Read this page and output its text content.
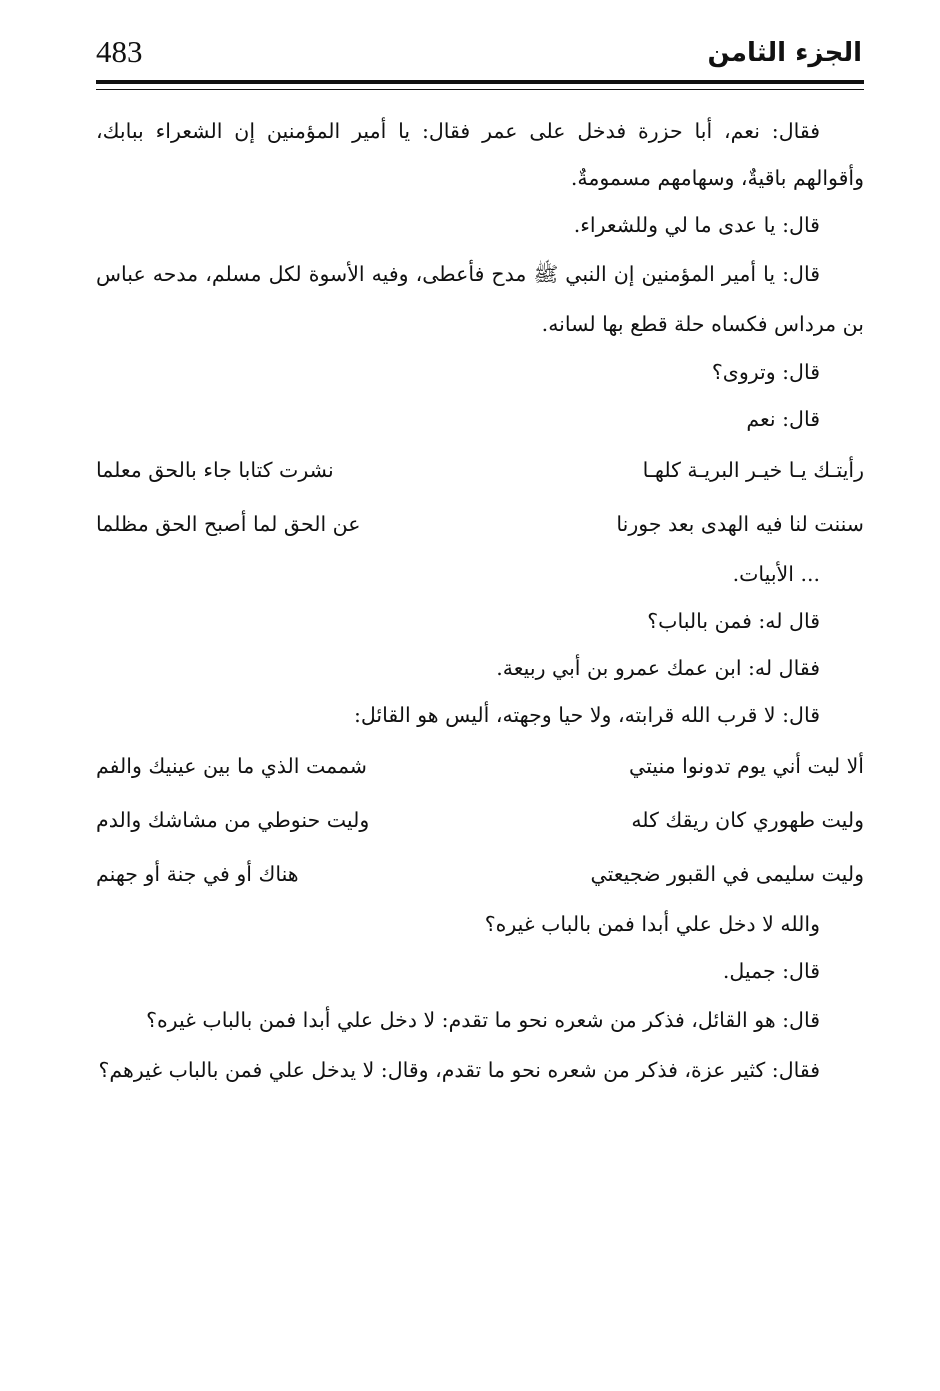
483	الجزء الثامن

فقال: نعم، أبا حزرة فدخل على عمر فقال: يا أمير المؤمنين إن الشعراء ببابك، وأقوالهم باقيةٌ، وسهامهم مسمومةٌ.

قال: يا عدى ما لي وللشعراء.

قال: يا أمير المؤمنين إن النبي ﷺ مدح فأعطى، وفيه الأسوة لكل مسلم، مدحه عباس بن مرداس فكساه حلة قطع بها لسانه.

قال: وتروى؟

قال: نعم

رأيتـك يـا خيـر البريـة كلهـا
نشرت كتابا جاء بالحق معلما
سننت لنا فيه الهدى بعد جورنا
عن الحق لما أصبح الحق مظلما

... الأبيات.

قال له: فمن بالباب؟

فقال له: ابن عمك عمرو بن أبي ربيعة.

قال: لا قرب الله قرابته، ولا حيا وجهته، أليس هو القائل:

ألا ليت أني يوم تدونوا منيتي
شممت الذي ما بين عينيك والفم
وليت طهوري كان ريقك كله
وليت حنوطي من مشاشك والدم
وليت سليمى في القبور ضجيعتي
هناك أو في جنة أو جهنم

والله لا دخل علي أبدا فمن بالباب غيره؟

قال: جميل.

قال: هو القائل، فذكر من شعره نحو ما تقدم: لا دخل علي أبدا فمن بالباب غيره؟

فقال: كثير عزة، فذكر من شعره نحو ما تقدم، وقال: لا يدخل علي فمن بالباب غيرهم؟
